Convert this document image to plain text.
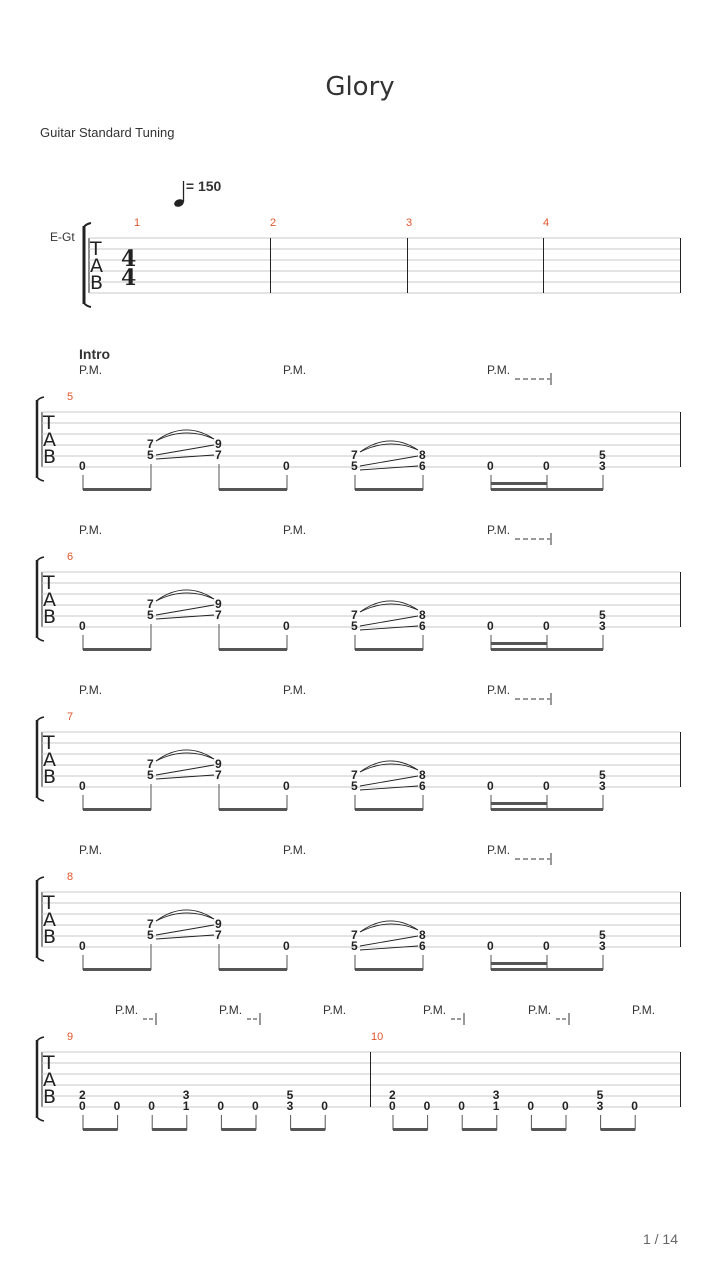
Glory
Guitar Standard Tuning
= 150
E-Gt
Intro
1 / 14
T
A
B
4
4
1	2	3	4
P.M.	P.M.	P.M.
T
A
B
5
0
7
5
9
7
0
7
5
8
6	0	0
5
3
P.M.	P.M.	P.M.	P.M.	P.M.	P.M.
T
A
B
9	10
2
0 0 0
3
1 0 0
5
3 0
2
0 0 0
3
1 0 0
5
3 0
P.M.	P.M.	P.M.
T
A
B
6
0
7
5
9
7
0
7
5
8
6	0	0
5
3
P.M.	P.M.	P.M.
T
A
B
7
0
7
5
9
7
0
7
5
8
6	0	0
5
3
P.M.	P.M.	P.M.
T
A
B
8
0
7
5
9
7
0
7
5
8
6	0	0
5
3
